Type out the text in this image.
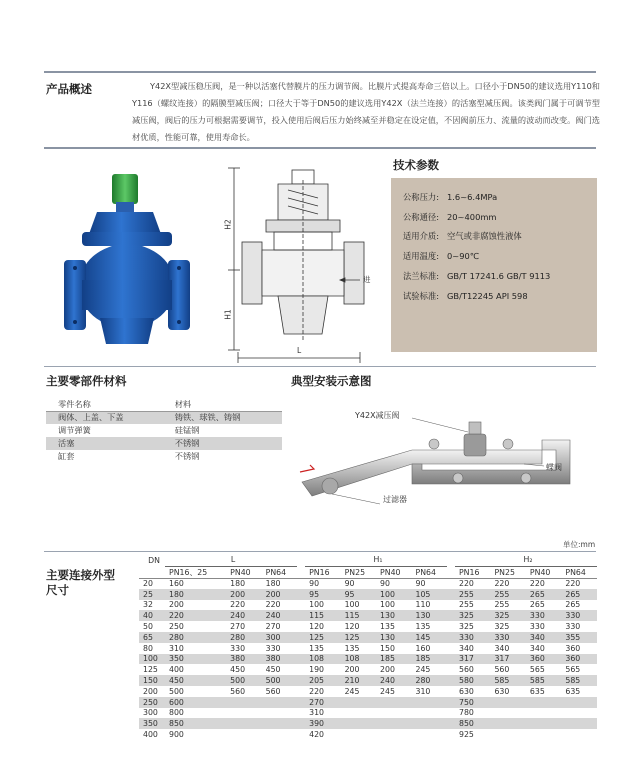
产品概述	Y42X型减压稳压阀，是一种以活塞代替膜片的压力调节阀。比膜片式提高寿命三倍以上。口径小于DN50的建议选用Y110和Y116（螺纹连接）的隔膜型减压阀；口径大于等于DN50的建议选用Y42X（法兰连接）的活塞型减压阀。该类阀门属于可调节型减压阀，阀后的压力可根据需要调节，投入使用后阀后压力始终减至并稳定在设定值，不因阀前压力、流量的波动而改变。阀门选材优质，性能可靠，使用寿命长。
H2
H1
L
进
技术参数
公称压力: 1.6~6.4MPa
公称通径: 20~400mm
适用介质: 空气或非腐蚀性液体
适用温度: 0~90℃
法兰标准: GB/T 17241.6 GB/T 9113
试验标准: GB/T12245 API 598
主要零部件材料
零件名称	材料
阀体、上盖、下盖	铸铁、球铁、铸钢
调节弹簧	硅锰钢
活塞	不锈钢
缸套	不锈钢
典型安装示意图
Y42X减压阀
蝶阀
过滤器
单位:mm
主要连接外型尺寸
DN	L				H₁					H₂			
	PN16、25	PN40	PN64		PN16	PN25	PN40	PN64		PN16	PN25	PN40	PN64
20	160	180	180		90	90	90	90		220	220	220	220
25	180	200	200		95	95	100	105		255	255	265	265
32	200	220	220		100	100	100	110		255	255	265	265
40	220	240	240		115	115	130	130		325	325	330	330
50	250	270	270		120	120	135	135		325	325	330	330
65	280	280	300		125	125	130	145		330	330	340	355
80	310	330	330		135	135	150	160		340	340	340	360
100	350	380	380		108	108	185	185		317	317	360	360
125	400	450	450		190	200	200	245		560	560	565	565
150	450	500	500		205	210	240	280		580	585	585	585
200	500	560	560		220	245	245	310		630	630	635	635
250	600				270					750			
300	800				310					780			
350	850				390					850			
400	900				420					925			
